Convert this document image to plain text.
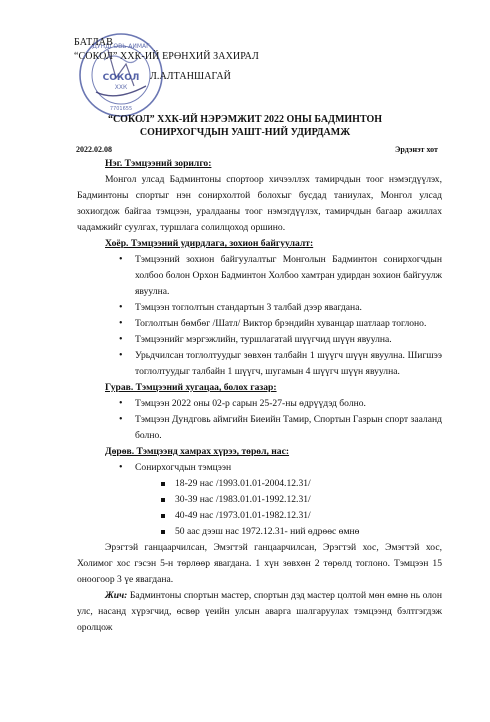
ДУНДГОВЬ АЙМАГ
СОКОЛ
ХХК
7701655
БАТЛАВ
“СОКОЛ” ХХК-ИЙ ЕРӨНХИЙ ЗАХИРАЛ
Л.АЛТАНШАГАЙ
“СОКОЛ” ХХК-ИЙ НЭРЭМЖИТ 2022 ОНЫ БАДМИНТОН
СОНИРХОГЧДЫН УАШТ-НИЙ УДИРДАМЖ
2022.02.08	Эрдэнэт хот

Нэг. Тэмцээний зорилго:

Монгол улсад Бадминтоны спортоор хичээллэх тамирчдын тоог нэмэгдүүлэх, Бадминтоны спортыг нэн сонирхолтой болохыг бусдад таниулах, Монгол улсад зохиогдож байгаа тэмцээн, уралдааны тоог нэмэгдүүлэх, тамирчдын багаар ажиллах чадамжийг суулгах, туршлага солилцоход оршино.

Хоёр. Тэмцээний удирдлага, зохион байгуулалт:

• Тэмцээний зохион байгуулалтыг Монголын Бадминтон сонирхогчдын холбоо болон Орхон Бадминтон Холбоо хамтран удирдан зохион байгуулж явуулна.
• Тэмцээн тоглолтын стандартын 3 талбай дээр явагдана.
• Тоглолтын бөмбөг /Шатл/ Виктор брэндийн хуванцар шатлаар тоглоно.
• Тэмцээнийг мэргэжлийн, туршлагатай шүүгчид шүүн явуулна.
• Урьдчилсан тоглолтуудыг зөвхөн талбайн 1 шүүгч шүүн явуулна. Шигшээ тоглолтуудыг талбайн 1 шүүгч, шугамын 4 шүүгч шүүн явуулна.

Гурав. Тэмцээний хугацаа, болох газар:

• Тэмцээн 2022 оны 02-р сарын 25-27-ны өдрүүдэд болно.
• Тэмцээн Дундговь аймгийн Биеийн Тамир, Спортын Газрын спорт зааланд болно.

Дөрөв. Тэмцээнд хамрах хүрээ, төрөл, нас:

• Сонирхогчдын тэмцээн
18-29 нас /1993.01.01-2004.12.31/
30-39 нас /1983.01.01-1992.12.31/
40-49 нас /1973.01.01-1982.12.31/
50 аас дээш нас 1972.12.31- ний өдрөөс өмнө

Эрэгтэй ганцаарчилсан, Эмэгтэй ганцаарчилсан, Эрэгтэй хос, Эмэгтэй хос, Холимог хос гэсэн 5-н төрлөөр явагдана. 1 хүн зөвхөн 2 төрөлд тоглоно. Тэмцээн 15 оноогоор 3 үе явагдана.

Жич: Бадминтоны спортын мастер, спортын дэд мастер цолтой мөн өмнө нь олон улс, насанд хүрэгчид, өсвөр үеийн улсын аварга шалгаруулах тэмцээнд бэлтгэгдэж оролцож
